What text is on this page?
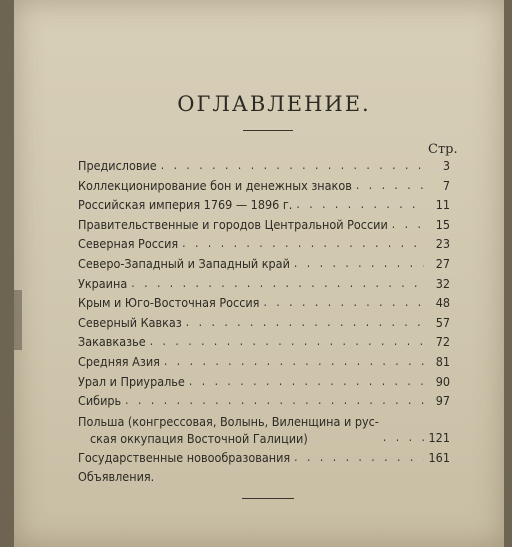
ОГЛАВЛЕНИЕ.
Стр.
Предисловие . . .	3
Коллекционирование бон и денежных знаков . . .	7
Российская империя 1769 — 1896 г. . . .	11
Правительственные и городов Центральной России . . .	15
Северная Россия . . .	23
Северо-Западный и Западный край . . .	27
Украина . . .	32
Крым и Юго-Восточная Россия . . .	48
Северный Кавказ . . .	57
Закавказье . . .	72
Средняя Азия . . .	81
Урал и Приуралье . . .	90
Сибирь . . .	97
Польша (конгрессовая, Волынь, Виленщина и рус-
ская оккупация Восточной Галиции) . . .	121
Государственные новообразования . . .	161
Объявления.
